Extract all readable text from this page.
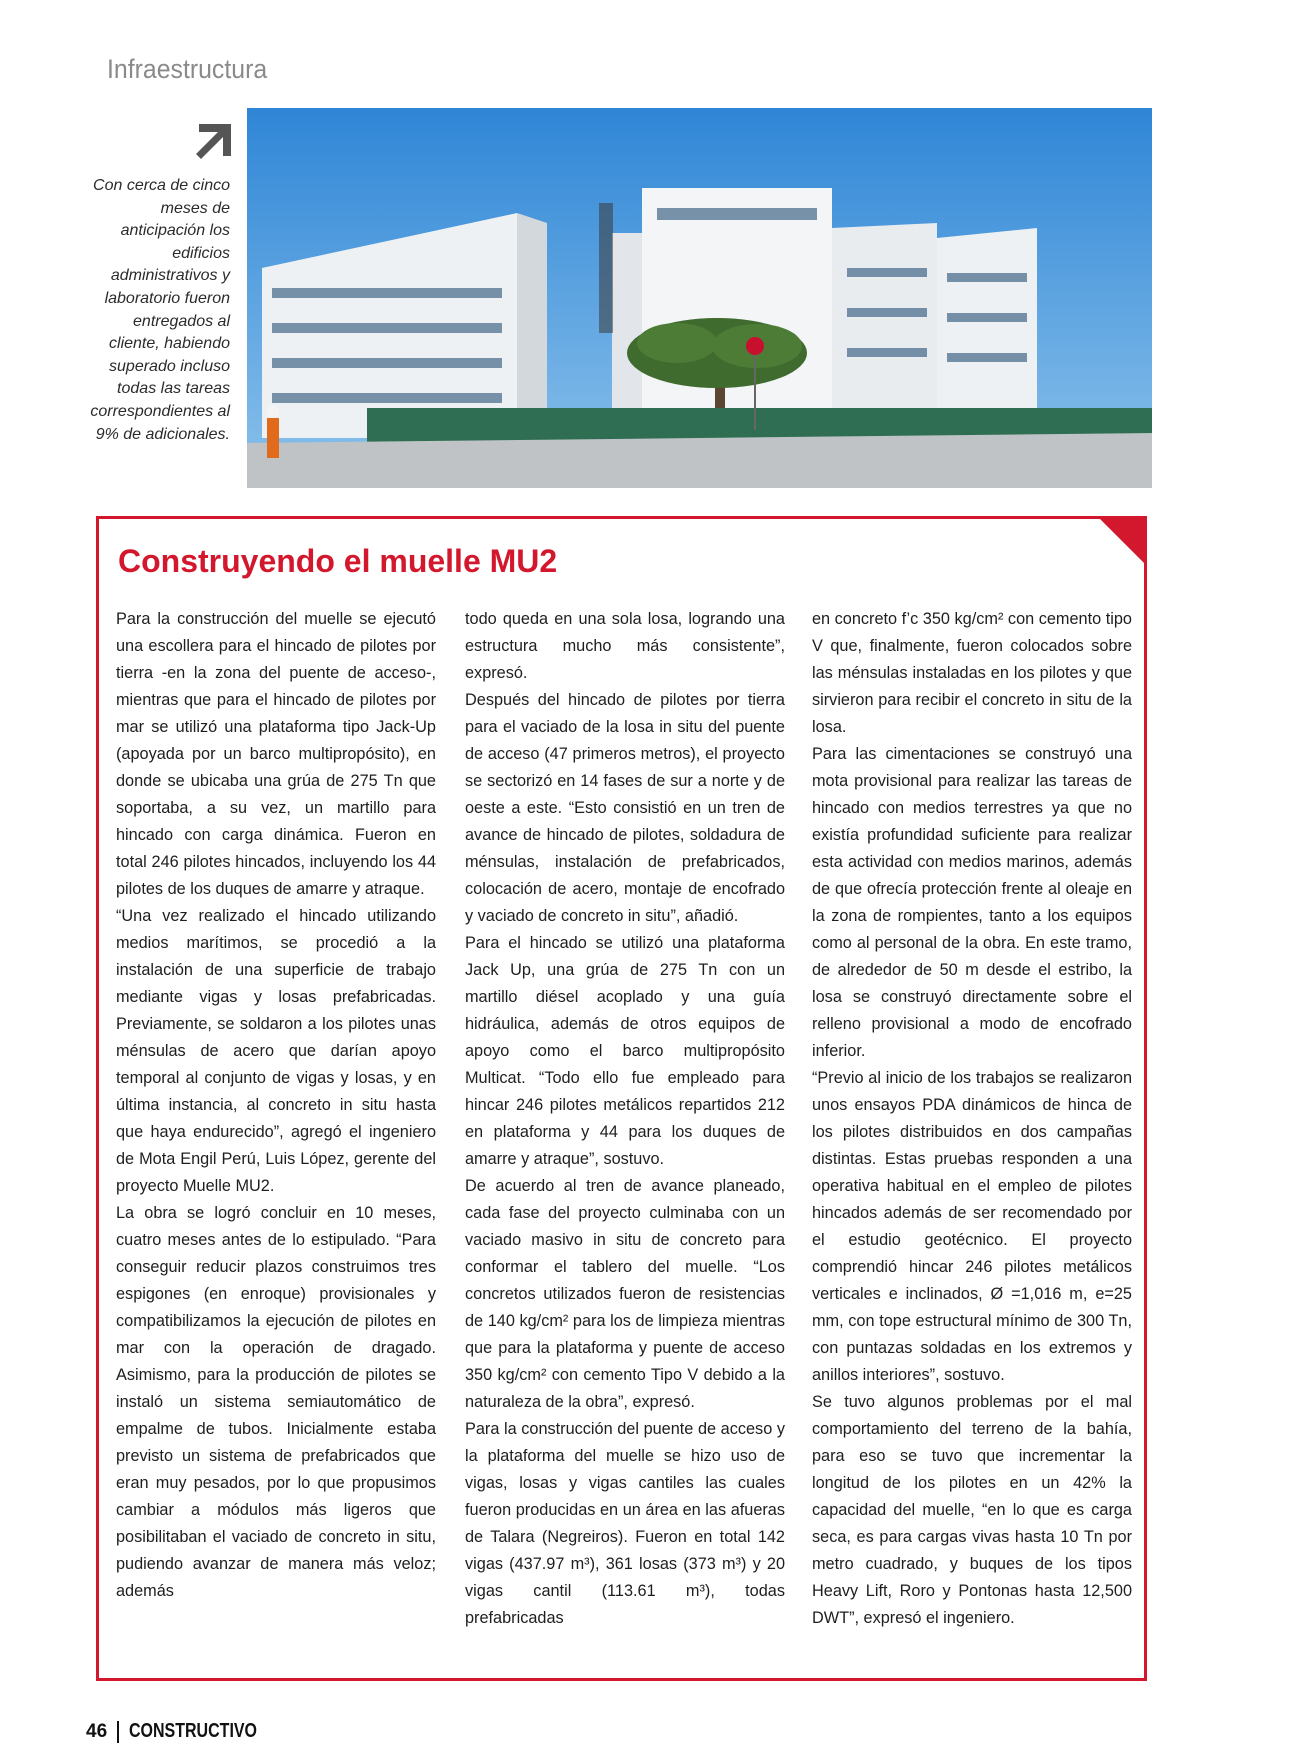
Infraestructura
Con cerca de cinco meses de anticipación los edificios administrativos y laboratorio fueron entregados al cliente, habiendo superado incluso todas las tareas correspondientes al 9% de adicionales.
Construyendo el muelle MU2

Para la construcción del muelle se ejecutó una escollera para el hincado de pilotes por tierra -en la zona del puente de acceso-, mientras que para el hincado de pilotes por mar se utilizó una plataforma tipo Jack-Up (apoyada por un barco multipropósito), en donde se ubicaba una grúa de 275 Tn que soportaba, a su vez, un martillo para hincado con carga dinámica. Fueron en total 246 pilotes hincados, incluyendo los 44 pilotes de los duques de amarre y atraque.

“Una vez realizado el hincado utilizando medios marítimos, se procedió a la instalación de una superficie de trabajo mediante vigas y losas prefabricadas. Previamente, se soldaron a los pilotes unas ménsulas de acero que darían apoyo temporal al conjunto de vigas y losas, y en última instancia, al concreto in situ hasta que haya endurecido”, agregó el ingeniero de Mota Engil Perú, Luis López, gerente del proyecto Muelle MU2.

La obra se logró concluir en 10 meses, cuatro meses antes de lo estipulado. “Para conseguir reducir plazos construimos tres espigones (en enroque) provisionales y compatibilizamos la ejecución de pilotes en mar con la operación de dragado. Asimismo, para la producción de pilotes se instaló un sistema semiautomático de empalme de tubos. Inicialmente estaba previsto un sistema de prefabricados que eran muy pesados, por lo que propusimos cambiar a módulos más ligeros que posibilitaban el vaciado de concreto in situ, pudiendo avanzar de manera más veloz; además

todo queda en una sola losa, logrando una estructura mucho más consistente”, expresó.

Después del hincado de pilotes por tierra para el vaciado de la losa in situ del puente de acceso (47 primeros metros), el proyecto se sectorizó en 14 fases de sur a norte y de oeste a este. “Esto consistió en un tren de avance de hincado de pilotes, soldadura de ménsulas, instalación de prefabricados, colocación de acero, montaje de encofrado y vaciado de concreto in situ”, añadió.

Para el hincado se utilizó una plataforma Jack Up, una grúa de 275 Tn con un martillo diésel acoplado y una guía hidráulica, además de otros equipos de apoyo como el barco multipropósito Multicat. “Todo ello fue empleado para hincar 246 pilotes metálicos repartidos 212 en plataforma y 44 para los duques de amarre y atraque”, sostuvo.

De acuerdo al tren de avance planeado, cada fase del proyecto culminaba con un vaciado masivo in situ de concreto para conformar el tablero del muelle. “Los concretos utilizados fueron de resistencias de 140 kg/cm² para los de limpieza mientras que para la plataforma y puente de acceso 350 kg/cm² con cemento Tipo V debido a la naturaleza de la obra”, expresó.

Para la construcción del puente de acceso y la plataforma del muelle se hizo uso de vigas, losas y vigas cantiles las cuales fueron producidas en un área en las afueras de Talara (Negreiros). Fueron en total 142 vigas (437.97 m³), 361 losas (373 m³) y 20 vigas cantil (113.61 m³), todas prefabricadas

en concreto f’c 350 kg/cm² con cemento tipo V que, finalmente, fueron colocados sobre las ménsulas instaladas en los pilotes y que sirvieron para recibir el concreto in situ de la losa.

Para las cimentaciones se construyó una mota provisional para realizar las tareas de hincado con medios terrestres ya que no existía profundidad suficiente para realizar esta actividad con medios marinos, además de que ofrecía protección frente al oleaje en la zona de rompientes, tanto a los equipos como al personal de la obra. En este tramo, de alrededor de 50 m desde el estribo, la losa se construyó directamente sobre el relleno provisional a modo de encofrado inferior.

“Previo al inicio de los trabajos se realizaron unos ensayos PDA dinámicos de hinca de los pilotes distribuidos en dos campañas distintas. Estas pruebas responden a una operativa habitual en el empleo de pilotes hincados además de ser recomendado por el estudio geotécnico. El proyecto comprendió hincar 246 pilotes metálicos verticales e inclinados, Ø =1,016 m, e=25 mm, con tope estructural mínimo de 300 Tn, con puntazas soldadas en los extremos y anillos interiores”, sostuvo.

Se tuvo algunos problemas por el mal comportamiento del terreno de la bahía, para eso se tuvo que incrementar la longitud de los pilotes en un 42% la capacidad del muelle, “en lo que es carga seca, es para cargas vivas hasta 10 Tn por metro cuadrado, y buques de los tipos Heavy Lift, Roro y Pontonas hasta 12,500 DWT”, expresó el ingeniero.

46 CONSTRUCTIVO
